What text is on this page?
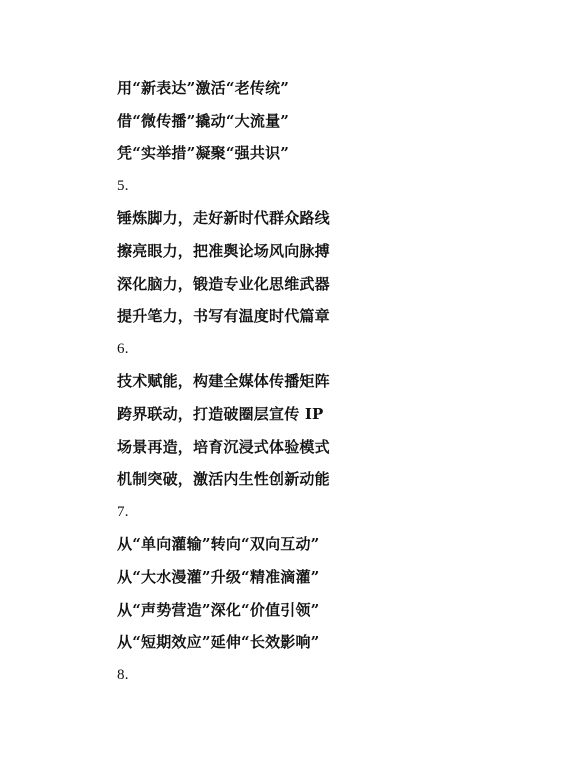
用“新表达”激活“老传统”
借“微传播”撬动“大流量”
凭“实举措”凝聚“强共识”
5.
锤炼脚力，走好新时代群众路线
擦亮眼力，把准舆论场风向脉搏
深化脑力，锻造专业化思维武器
提升笔力，书写有温度时代篇章
6.
技术赋能，构建全媒体传播矩阵
跨界联动，打造破圈层宣传 IP
场景再造，培育沉浸式体验模式
机制突破，激活内生性创新动能
7.
从“单向灌输”转向“双向互动”
从“大水漫灌”升级“精准滴灌”
从“声势营造”深化“价值引领”
从“短期效应”延伸“长效影响”
8.
